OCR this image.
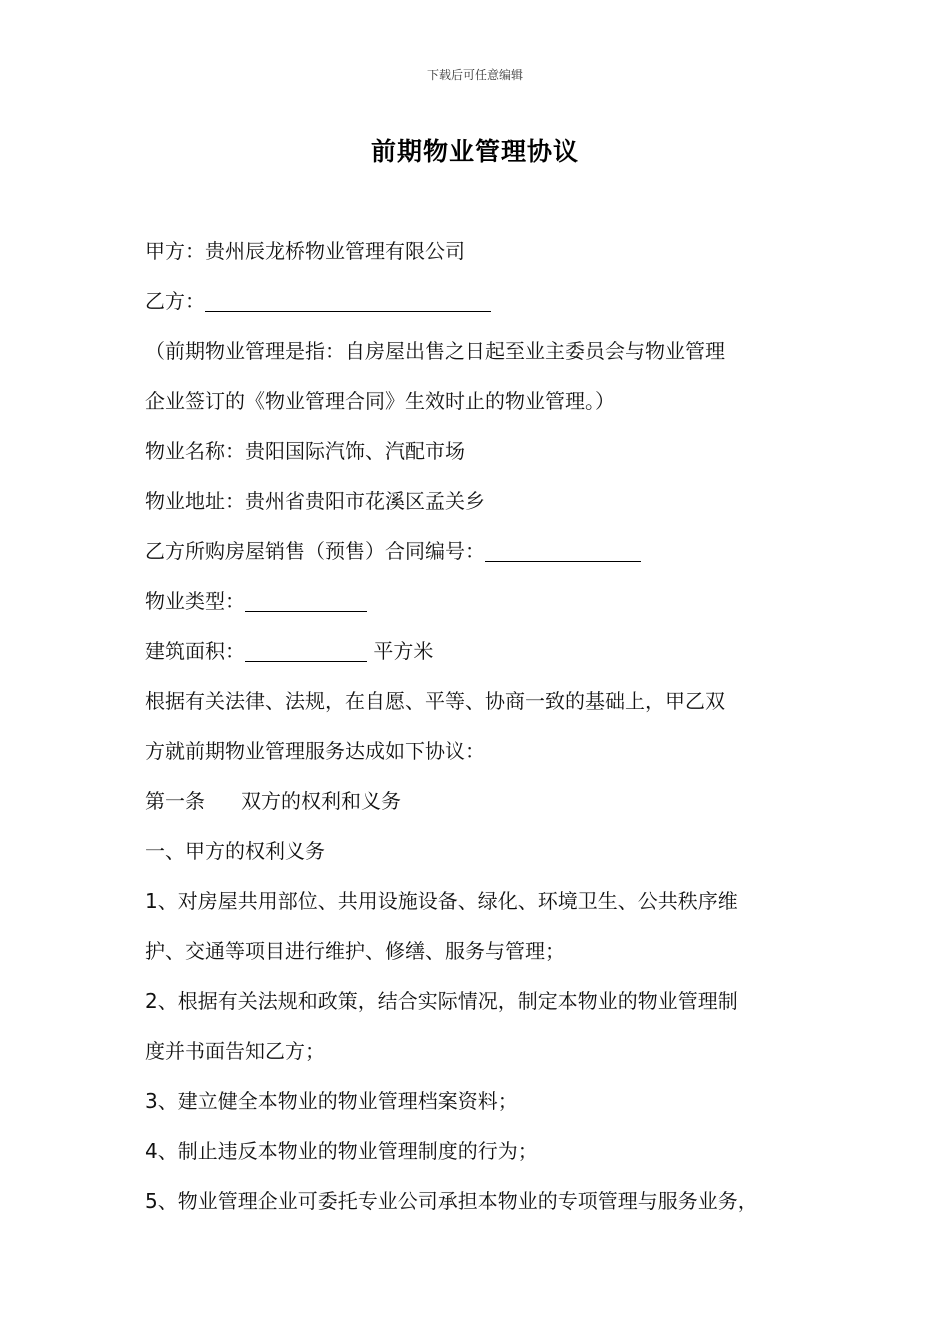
下载后可任意编辑
前期物业管理协议
甲方：贵州辰龙桥物业管理有限公司
乙方：
（前期物业管理是指：自房屋出售之日起至业主委员会与物业管理
企业签订的《物业管理合同》生效时止的物业管理。）
物业名称：贵阳国际汽饰、汽配市场
物业地址：贵州省贵阳市花溪区孟关乡
乙方所购房屋销售（预售）合同编号：
物业类型：
建筑面积：	平方米
根据有关法律、法规，在自愿、平等、协商一致的基础上，甲乙双
方就前期物业管理服务达成如下协议：
第一条 双方的权利和义务
一、甲方的权利义务
1、对房屋共用部位、共用设施设备、绿化、环境卫生、公共秩序维
护、交通等项目进行维护、修缮、服务与管理；
2、根据有关法规和政策，结合实际情况，制定本物业的物业管理制
度并书面告知乙方；
3、建立健全本物业的物业管理档案资料；
4、制止违反本物业的物业管理制度的行为；
5、物业管理企业可委托专业公司承担本物业的专项管理与服务业务，
